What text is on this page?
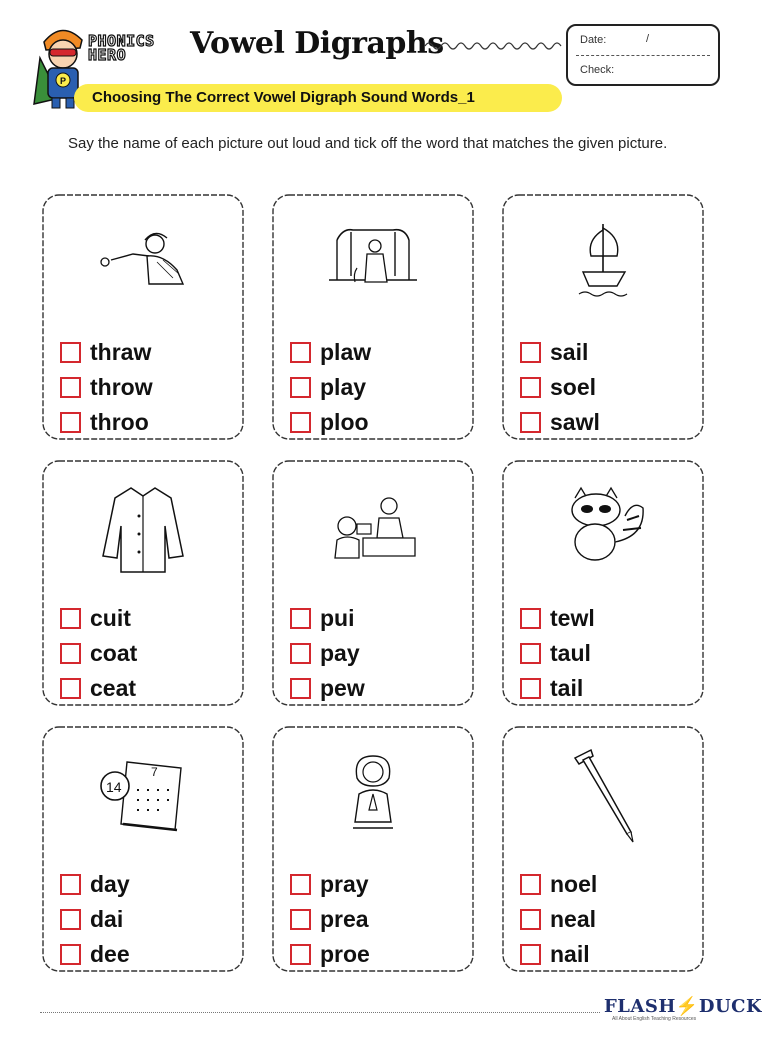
P
PHONICS
HERO	Vowel Digraphs
Choosing The Correct Vowel Digraph Sound Words_1
Date:	/
Check:
Say the name of each picture out loud and tick off the word that matches the given picture.
thraw
throw
throo
plaw
play
ploo
sail
soel
sawl
cuit
coat
ceat
pui
pay
pew
tewl
taul
tail
14
7
day
dai
dee
pray
prea
proe
noel
neal
nail
FLASH⚡DUCK
All About English Teaching Resources
